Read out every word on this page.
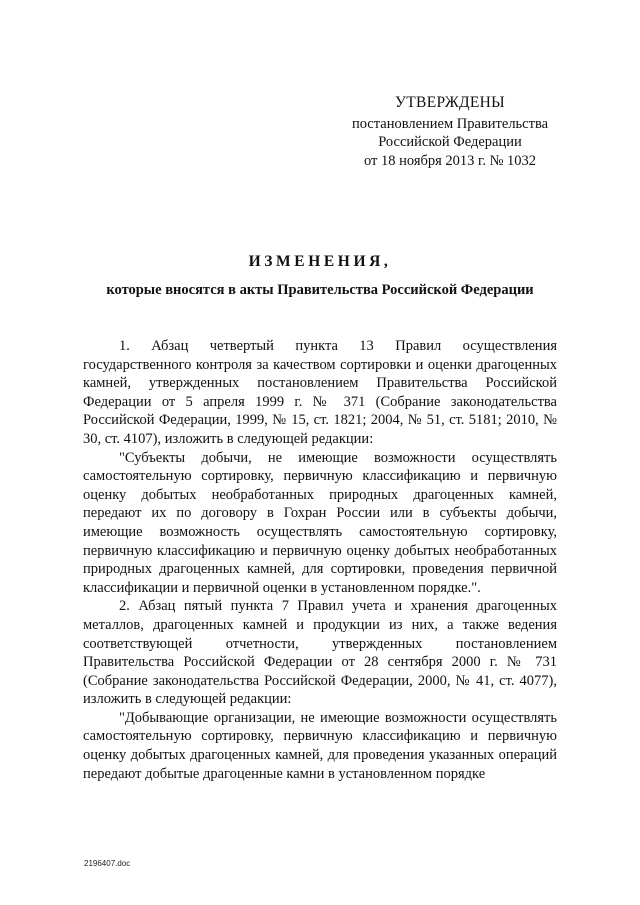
УТВЕРЖДЕНЫ
постановлением Правительства
Российской Федерации
от 18 ноября 2013 г. № 1032
ИЗМЕНЕНИЯ,
которые вносятся в акты Правительства Российской Федерации

1. Абзац четвертый пункта 13 Правил осуществления государственного контроля за качеством сортировки и оценки драгоценных камней, утвержденных постановлением Правительства Российской Федерации от 5 апреля 1999 г. № 371 (Собрание законодательства Российской Федерации, 1999, № 15, ст. 1821; 2004, № 51, ст. 5181; 2010, № 30, ст. 4107), изложить в следующей редакции:

"Субъекты добычи, не имеющие возможности осуществлять самостоятельную сортировку, первичную классификацию и первичную оценку добытых необработанных природных драгоценных камней, передают их по договору в Гохран России или в субъекты добычи, имеющие возможность осуществлять самостоятельную сортировку, первичную классификацию и первичную оценку добытых необработанных природных драгоценных камней, для сортировки, проведения первичной классификации и первичной оценки в установленном порядке.".

2. Абзац пятый пункта 7 Правил учета и хранения драгоценных металлов, драгоценных камней и продукции из них, а также ведения соответствующей отчетности, утвержденных постановлением Правительства Российской Федерации от 28 сентября 2000 г. № 731 (Собрание законодательства Российской Федерации, 2000, № 41, ст. 4077), изложить в следующей редакции:

"Добывающие организации, не имеющие возможности осуществлять самостоятельную сортировку, первичную классификацию и первичную оценку добытых драгоценных камней, для проведения указанных операций передают добытые драгоценные камни в установленном порядке

2196407.doc
